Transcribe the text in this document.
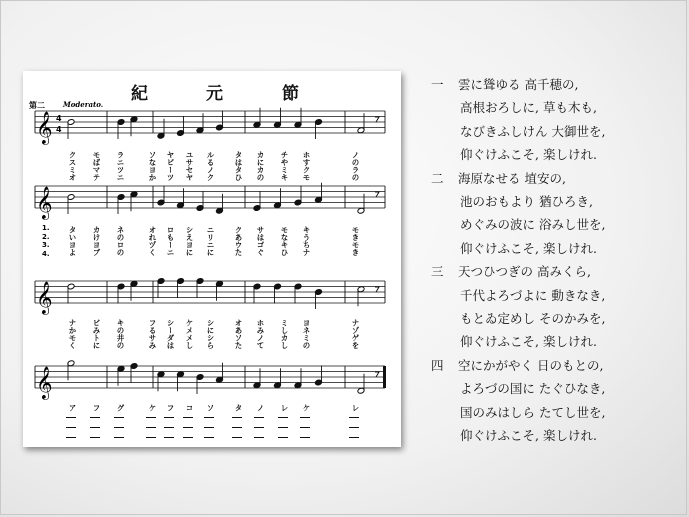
紀	元	節
第二	Moderato.
1.
2.
3.
4.
𝄞 4
4
𝄞
𝄞
𝄞
クスミオ モばマテ ラニツニ	ソなヨか ヤビーツ ユサセヤ ルるノク	タはタひ カにカの チやミキ ホすクモ	ノのラの
タいヨよ カけヨブ ネのロの	オれヅく ロもーニ シえヨに ニリニに	クあウた サはゴぐ モなキひ キうちナ	モきモき
ナかモく ビみトに キの井の	フるサみ シーダは ケメメし シにシら	オあソた ホみノて ミしカし ヨネミの	ナゾゲを
ア フ グ	ケ フ コ ソ	タ ノ レ ケ	レ
一 雲に聳ゆる 高千穂の,
高根おろしに, 草も木も,
なびきふしけん 大御世を,
仰ぐけふこそ, 楽しけれ.
二 海原なせる 埴安の,
池のおもより 猶ひろき,
めぐみの波に 浴みし世を,
仰ぐけふこそ, 楽しけれ.
三 天つひつぎの 高みくら,
千代よろづよに 動きなき,
もとゐ定めし そのかみを,
仰ぐけふこそ, 楽しけれ.
四 空にかがやく 日のもとの,
よろづの国に たぐひなき,
国のみはしら たてし世を,
仰ぐけふこそ, 楽しけれ.
